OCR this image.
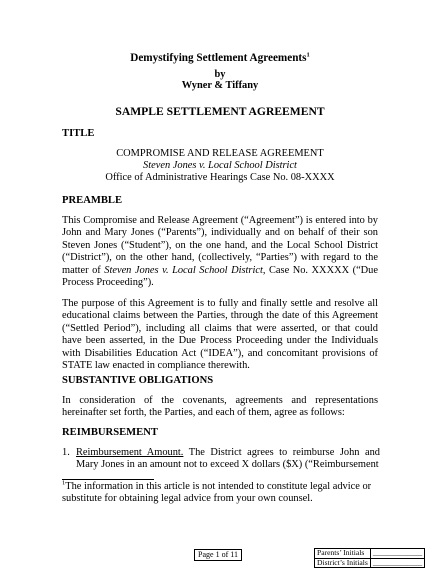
Demystifying Settlement Agreements$^1$

by

Wyner & Tiffany

SAMPLE SETTLEMENT AGREEMENT

TITLE

COMPROMISE AND RELEASE AGREEMENT

Steven Jones v. Local School District

Office of Administrative Hearings Case No. 08-XXXX

PREAMBLE

This Compromise and Release Agreement (“Agreement”) is entered into by John and Mary Jones (“Parents”), individually and on behalf of their son Steven Jones (“Student”), on the one hand, and the Local School District (“District”), on the other hand, (collectively, “Parties”) with regard to the matter of Steven Jones v. Local School District, Case No. XXXXX (“Due Process Proceeding”).

The purpose of this Agreement is to fully and finally settle and resolve all educational claims between the Parties, through the date of this Agreement (“Settled Period”), including all claims that were asserted, or that could have been asserted, in the Due Process Proceeding under the Individuals with Disabilities Education Act (“IDEA”), and concomitant provisions of STATE law enacted in compliance therewith.

SUBSTANTIVE OBLIGATIONS

In consideration of the covenants, agreements and representations hereinafter set forth, the Parties, and each of them, agree as follows:

REIMBURSEMENT

1. Reimbursement Amount. The District agrees to reimburse John and Mary Jones in an amount not to exceed X dollars ($X) (“Reimbursement

$^1$The information in this article is not intended to constitute legal advice or substitute for obtaining legal advice from your own counsel.

Page 1 of 11	Parents’ Initials	_____________
District’s Initials	_____________
